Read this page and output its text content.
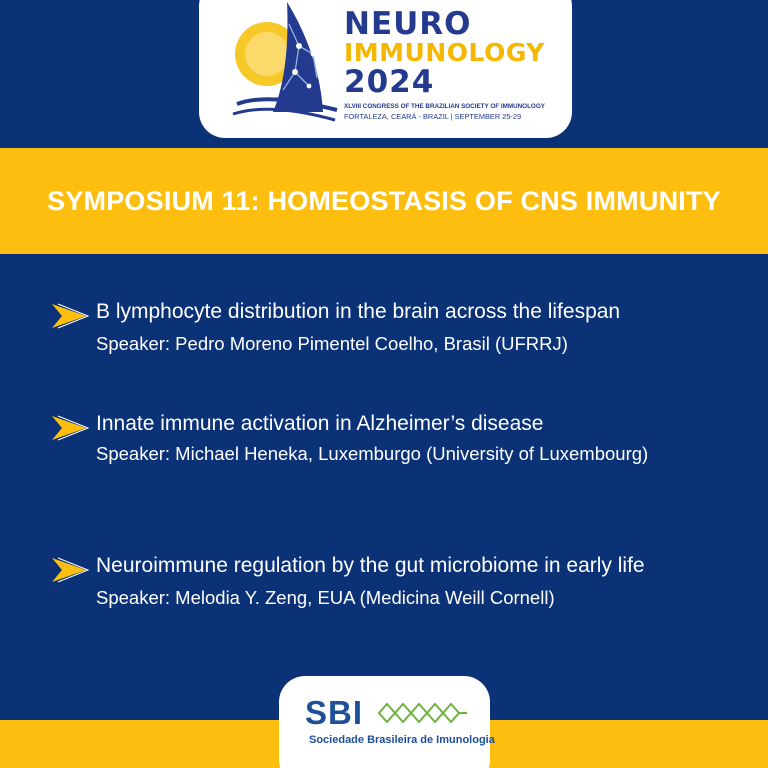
NEURO
IMMUNOLOGY
2024
XLVIII CONGRESS OF THE BRAZILIAN SOCIETY OF IMMUNOLOGY
FORTALEZA, CEARÁ - BRAZIL | SEPTEMBER 25-29
SYMPOSIUM 11: HOMEOSTASIS OF CNS IMMUNITY
B lymphocyte distribution in the brain across the lifespan
Speaker: Pedro Moreno Pimentel Coelho, Brasil (UFRRJ)
Innate immune activation in Alzheimer’s disease
Speaker: Michael Heneka, Luxemburgo (University of Luxembourg)
Neuroimmune regulation by the gut microbiome in early life
Speaker: Melodia Y. Zeng, EUA (Medicina Weill Cornell)
SBI
Sociedade Brasileira de Imunologia
